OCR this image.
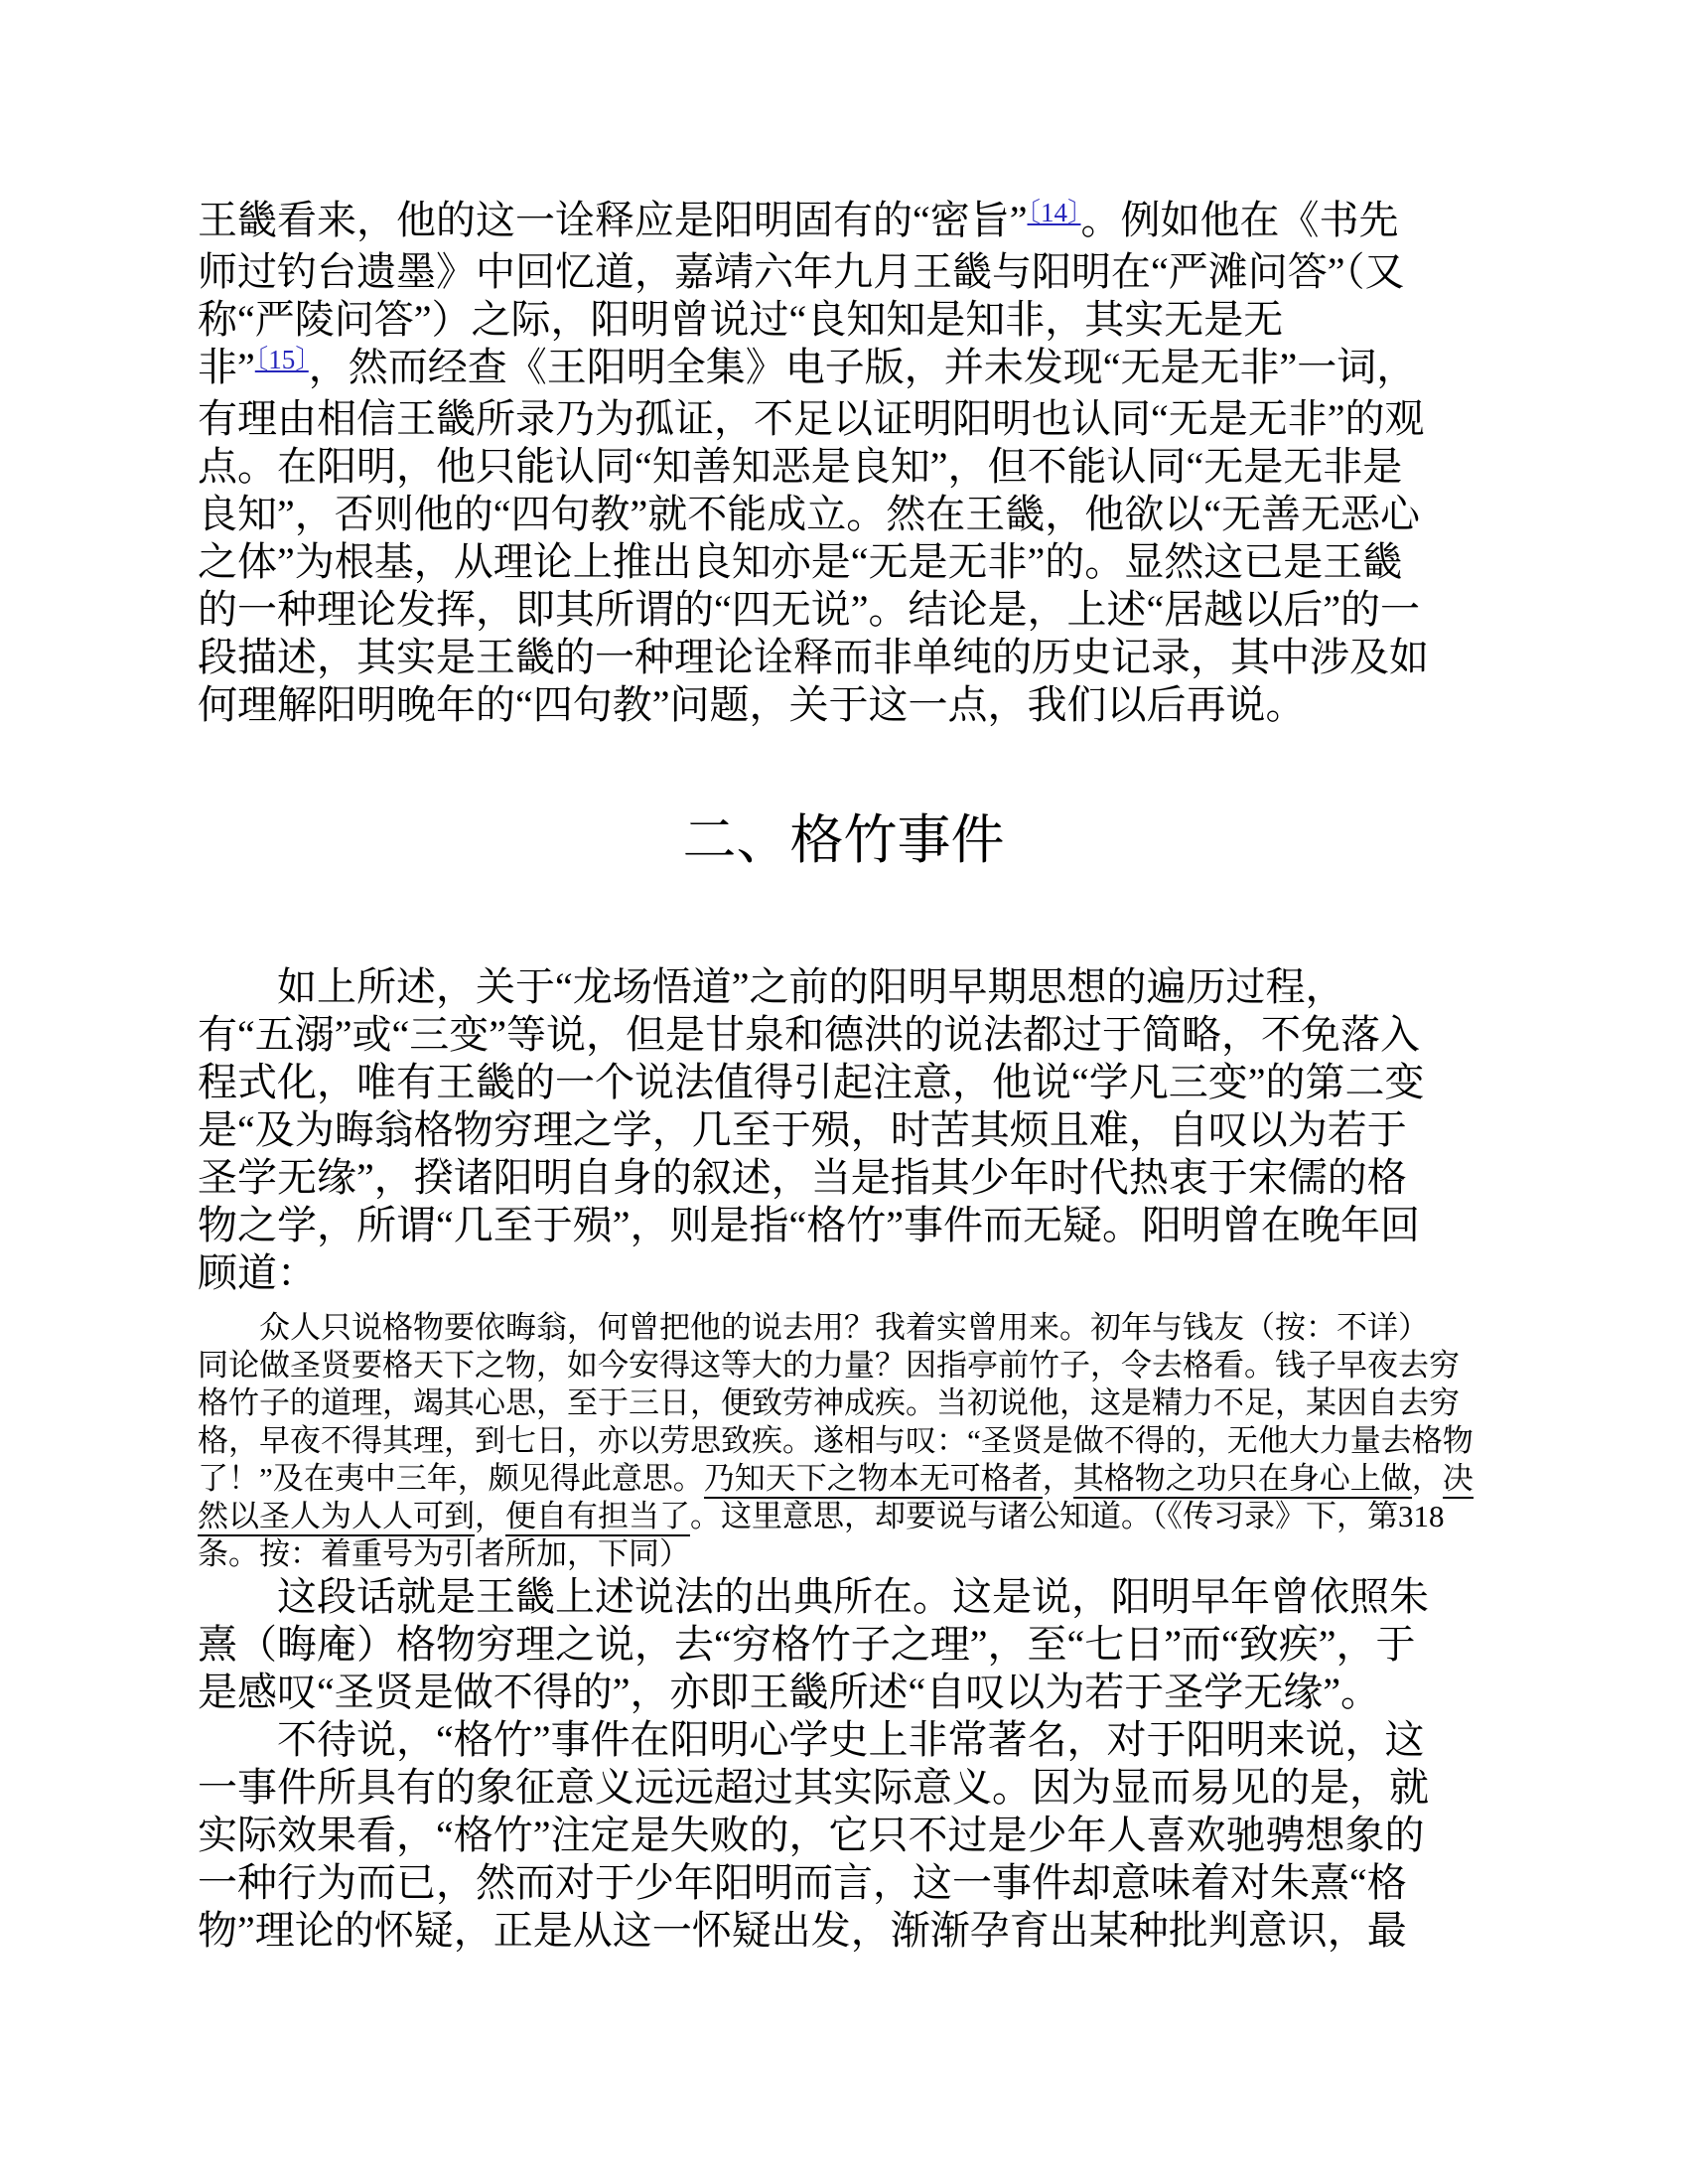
王畿看来，他的这一诠释应是阳明固有的“密旨”$^{〔14〕}$。例如他在《书先
师过钓台遗墨》中回忆道，嘉靖六年九月王畿与阳明在“严滩问答”（又
称“严陵问答”）之际，阳明曾说过“良知知是知非，其实无是无
非”$^{〔15〕}$，然而经查《王阳明全集》电子版，并未发现“无是无非”一词，
有理由相信王畿所录乃为孤证，不足以证明阳明也认同“无是无非”的观
点。在阳明，他只能认同“知善知恶是良知”，但不能认同“无是无非是
良知”，否则他的“四句教”就不能成立。然在王畿，他欲以“无善无恶心
之体”为根基，从理论上推出良知亦是“无是无非”的。显然这已是王畿
的一种理论发挥，即其所谓的“四无说”。结论是，上述“居越以后”的一
段描述，其实是王畿的一种理论诠释而非单纯的历史记录，其中涉及如
何理解阳明晚年的“四句教”问题，关于这一点，我们以后再说。
二、格竹事件
如上所述，关于“龙场悟道”之前的阳明早期思想的遍历过程，
有“五溺”或“三变”等说，但是甘泉和德洪的说法都过于简略，不免落入
程式化，唯有王畿的一个说法值得引起注意，他说“学凡三变”的第二变
是“及为晦翁格物穷理之学，几至于殒，时苦其烦且难，自叹以为若于
圣学无缘”，揆诸阳明自身的叙述，当是指其少年时代热衷于宋儒的格
物之学，所谓“几至于殒”，则是指“格竹”事件而无疑。阳明曾在晚年回
顾道：
众人只说格物要依晦翁，何曾把他的说去用？我着实曾用来。初年与钱友（按：不详）
同论做圣贤要格天下之物，如今安得这等大的力量？因指亭前竹子，令去格看。钱子早夜去穷
格竹子的道理，竭其心思，至于三日，便致劳神成疾。当初说他，这是精力不足，某因自去穷
格，早夜不得其理，到七日，亦以劳思致疾。遂相与叹：“圣贤是做不得的，无他大力量去格物
了！”及在夷中三年，颇见得此意思。乃知天下之物本无可格者，其格物之功只在身心上做，决
然以圣人为人人可到，便自有担当了。这里意思，却要说与诸公知道。（《传习录》下，第318
条。按：着重号为引者所加，下同）
这段话就是王畿上述说法的出典所在。这是说，阳明早年曾依照朱
熹（晦庵）格物穷理之说，去“穷格竹子之理”，至“七日”而“致疾”，于
是感叹“圣贤是做不得的”，亦即王畿所述“自叹以为若于圣学无缘”。
不待说，“格竹”事件在阳明心学史上非常著名，对于阳明来说，这
一事件所具有的象征意义远远超过其实际意义。因为显而易见的是，就
实际效果看，“格竹”注定是失败的，它只不过是少年人喜欢驰骋想象的
一种行为而已，然而对于少年阳明而言，这一事件却意味着对朱熹“格
物”理论的怀疑，正是从这一怀疑出发，渐渐孕育出某种批判意识，最
